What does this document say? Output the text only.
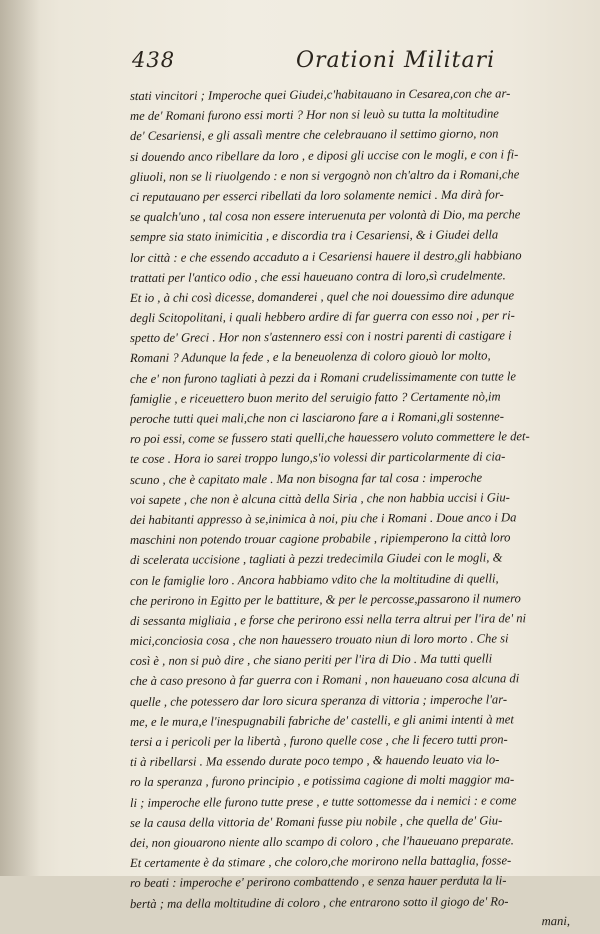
438	Orationi Militari
stati vincitori ; Imperoche quei Giudei,c'habitauano in Cesarea,con che ar-
me de' Romani furono essi morti ? Hor non si leuò su tutta la moltitudine
de' Cesariensi, e gli assalì mentre che celebrauano il settimo giorno, non
si douendo anco ribellare da loro , e diposi gli uccise con le mogli, e con i fi-
gliuoli, non se li riuolgendo : e non si vergognò non ch'altro da i Romani,che
ci reputauano per esserci ribellati da loro solamente nemici . Ma dirà for-
se qualch'uno , tal cosa non essere interuenuta per volontà di Dio, ma perche
sempre sia stato inimicitia , e discordia tra i Cesariensi, & i Giudei della
lor città : e che essendo accaduto a i Cesariensi hauere il destro,gli habbiano
trattati per l'antico odio , che essi haueuano contra di loro,sì crudelmente.
Et io , à chi così dicesse, domanderei , quel che noi douessimo dire adunque
degli Scitopolitani, i quali hebbero ardire di far guerra con esso noi , per ri-
spetto de' Greci . Hor non s'astennero essi con i nostri parenti di castigare i
Romani ? Adunque la fede , e la beneuolenza di coloro giouò lor molto,
che e' non furono tagliati à pezzi da i Romani crudelissimamente con tutte le
famiglie , e riceuettero buon merito del seruigio fatto ? Certamente nò,im
peroche tutti quei mali,che non ci lasciarono fare a i Romani,gli sostenne-
ro poi essi, come se fussero stati quelli,che hauessero voluto commettere le det-
te cose . Hora io sarei troppo lungo,s'io volessi dir particolarmente di cia-
scuno , che è capitato male . Ma non bisogna far tal cosa : imperoche
voi sapete , che non è alcuna città della Siria , che non habbia uccisi i Giu-
dei habitanti appresso à se,inimica à noi, piu che i Romani . Doue anco i Da
maschini non potendo trouar cagione probabile , ripiemperono la città loro
di scelerata uccisione , tagliati à pezzi tredecimila Giudei con le mogli, &
con le famiglie loro . Ancora habbiamo vdito che la moltitudine di quelli,
che perirono in Egitto per le battiture, & per le percosse,passarono il numero
di sessanta migliaia , e forse che perirono essi nella terra altrui per l'ira de' ni
mici,conciosia cosa , che non hauessero trouato niun di loro morto . Che si
così è , non si può dire , che siano periti per l'ira di Dio . Ma tutti quelli
che à caso presono à far guerra con i Romani , non haueuano cosa alcuna di
quelle , che potessero dar loro sicura speranza di vittoria ; imperoche l'ar-
me, e le mura,e l'inespugnabili fabriche de' castelli, e gli animi intenti à met
tersi a i pericoli per la libertà , furono quelle cose , che li fecero tutti pron-
ti à ribellarsi . Ma essendo durate poco tempo , & hauendo leuato via lo-
ro la speranza , furono principio , e potissima cagione di molti maggior ma-
li ; imperoche elle furono tutte prese , e tutte sottomesse da i nemici : e come
se la causa della vittoria de' Romani fusse piu nobile , che quella de' Giu-
dei, non giouarono niente allo scampo di coloro , che l'haueuano preparate.
Et certamente è da stimare , che coloro,che morirono nella battaglia, fosse-
ro beati : imperoche e' perirono combattendo , e senza hauer perduta la li-
bertà ; ma della moltitudine di coloro , che entrarono sotto il giogo de' Ro-
mani,
